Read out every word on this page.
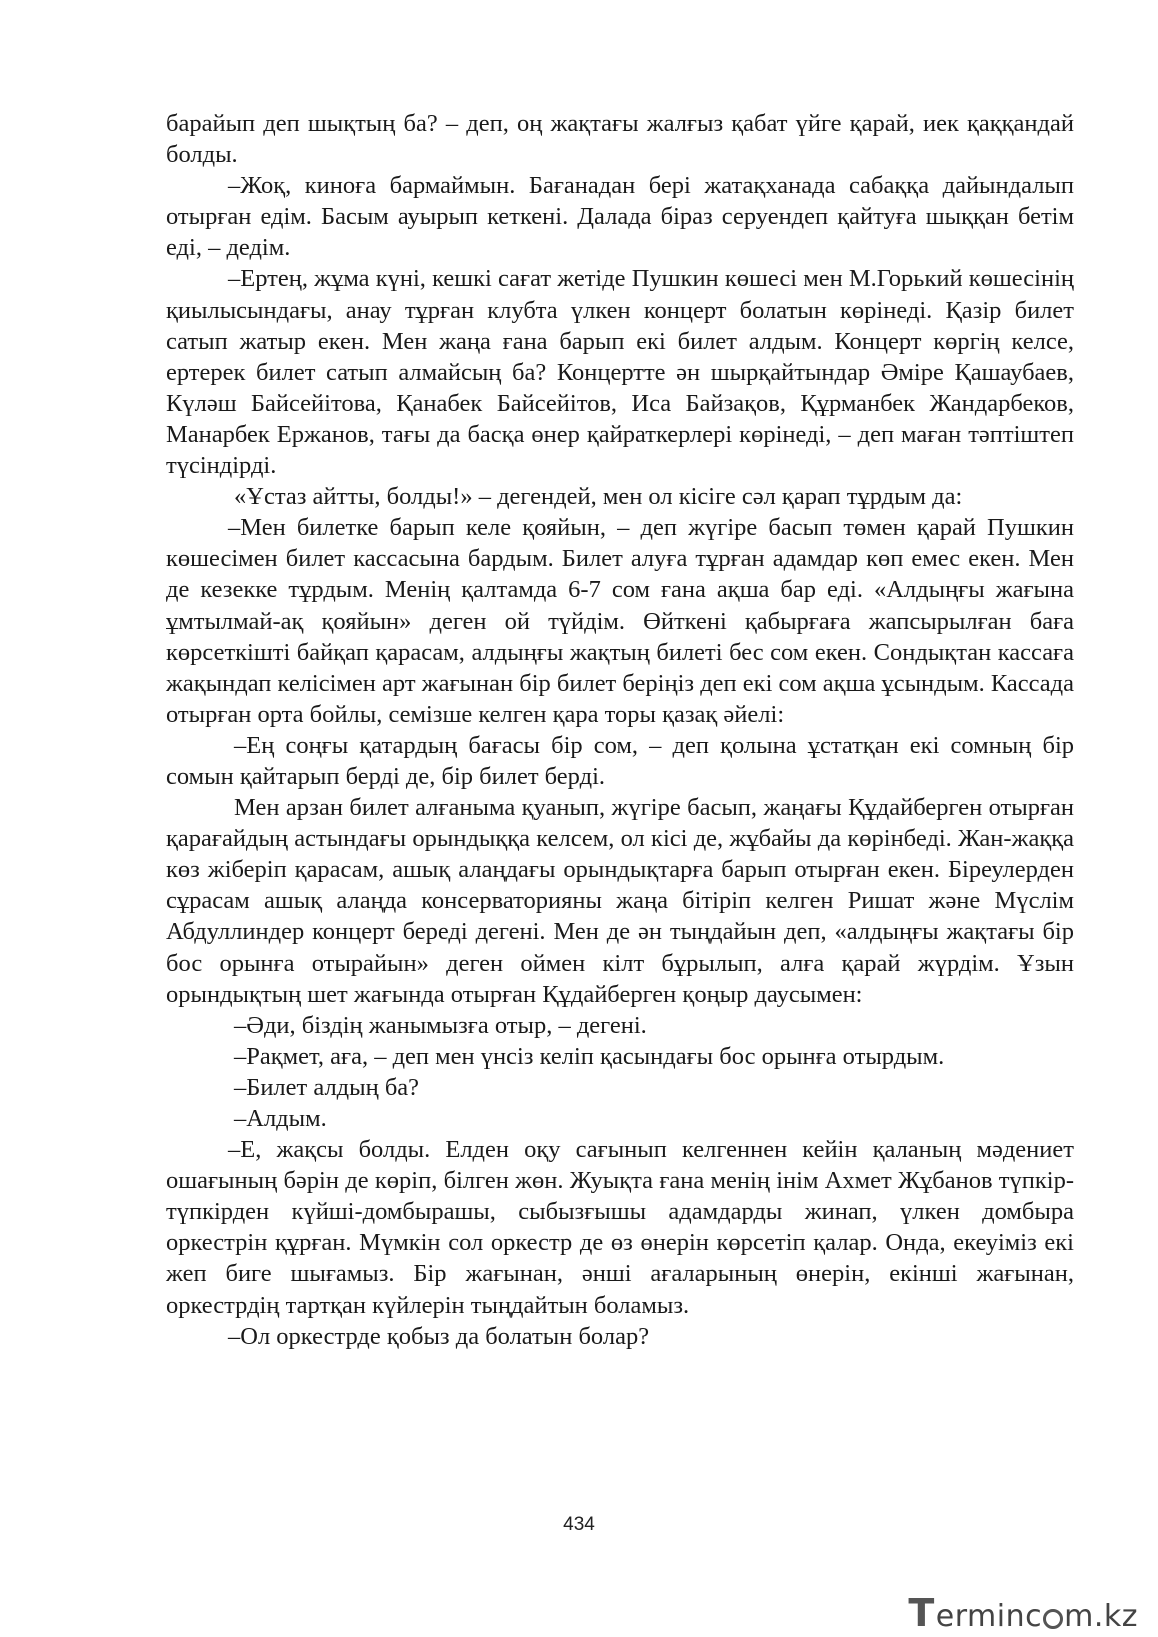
барайып деп шықтың ба? – деп, оң жақтағы жалғыз қабат үйге қарай, иек қаққандай болды.

–Жоқ, киноға бармаймын. Бағанадан бері жатақханада сабаққа дайындалып отырған едім. Басым ауырып кеткені. Далада біраз серуендеп қайтуға шыққан бетім еді, – дедім.

–Ертең, жұма күні, кешкі сағат жетіде Пушкин көшесі мен М.Горький көшесінің қиылысындағы, анау тұрған клубта үлкен концерт болатын көрінеді. Қазір билет сатып жатыр екен. Мен жаңа ғана барып екі билет алдым. Концерт көргің келсе, ертерек билет сатып алмайсың ба? Концертте ән шырқайтындар Әміре Қашаубаев, Күләш Байсейітова, Қанабек Байсейітов, Иса Байзақов, Құрманбек Жандарбеков, Манарбек Ержанов, тағы да басқа өнер қайраткерлері көрінеді, – деп маған тәптіштеп түсіндірді.

«Ұстаз айтты, болды!» – дегендей, мен ол кісіге сәл қарап тұрдым да:

–Мен билетке барып келе қояйын, – деп жүгіре басып төмен қарай Пушкин көшесімен билет кассасына бардым. Билет алуға тұрған адамдар көп емес екен. Мен де кезекке тұрдым. Менің қалтамда 6-7 сом ғана ақша бар еді. «Алдыңғы жағына ұмтылмай-ақ қояйын» деген ой түйдім. Өйткені қабырғаға жапсырылған баға көрсеткішті байқап қарасам, алдыңғы жақтың билеті бес сом екен. Сондықтан кассаға жақындап келісімен арт жағынан бір билет беріңіз деп екі сом ақша ұсындым. Кассада отырған орта бойлы, семізше келген қара торы қазақ әйелі:

–Ең соңғы қатардың бағасы бір сом, – деп қолына ұстатқан екі сомның бір сомын қайтарып берді де, бір билет берді.

Мен арзан билет алғаныма қуанып, жүгіре басып, жаңағы Құдайберген отырған қарағайдың астындағы орындыққа келсем, ол кісі де, жұбайы да көрінбеді. Жан-жаққа көз жіберіп қарасам, ашық алаңдағы орындықтарға барып отырған екен. Біреулерден сұрасам ашық алаңда консерваторияны жаңа бітіріп келген Ришат және Мүслім Абдуллиндер концерт береді дегені. Мен де ән тыңдайын деп, «алдыңғы жақтағы бір бос орынға отырайын» деген оймен кілт бұрылып, алға қарай жүрдім. Ұзын орындықтың шет жағында отырған Құдайберген қоңыр даусымен:

–Әди, біздің жанымызға отыр, – дегені.

–Рақмет, аға, – деп мен үнсіз келіп қасындағы бос орынға отырдым.

–Билет алдың ба?

–Алдым.

–Е, жақсы болды. Елден оқу сағынып келгеннен кейін қаланың мәдениет ошағының бәрін де көріп, білген жөн. Жуықта ғана менің інім Ахмет Жұбанов түпкір-түпкірден күйші-домбырашы, сыбызғышы адамдарды жинап, үлкен домбыра оркестрін құрған. Мүмкін сол оркестр де өз өнерін көрсетіп қалар. Онда, екеуіміз екі жеп биге шығамыз. Бір жағынан, әнші ағаларының өнерін, екінші жағынан, оркестрдің тартқан күйлерін тыңдайтын боламыз.

–Ол оркестрде қобыз да болатын болар?

434
T erminc m.kz
